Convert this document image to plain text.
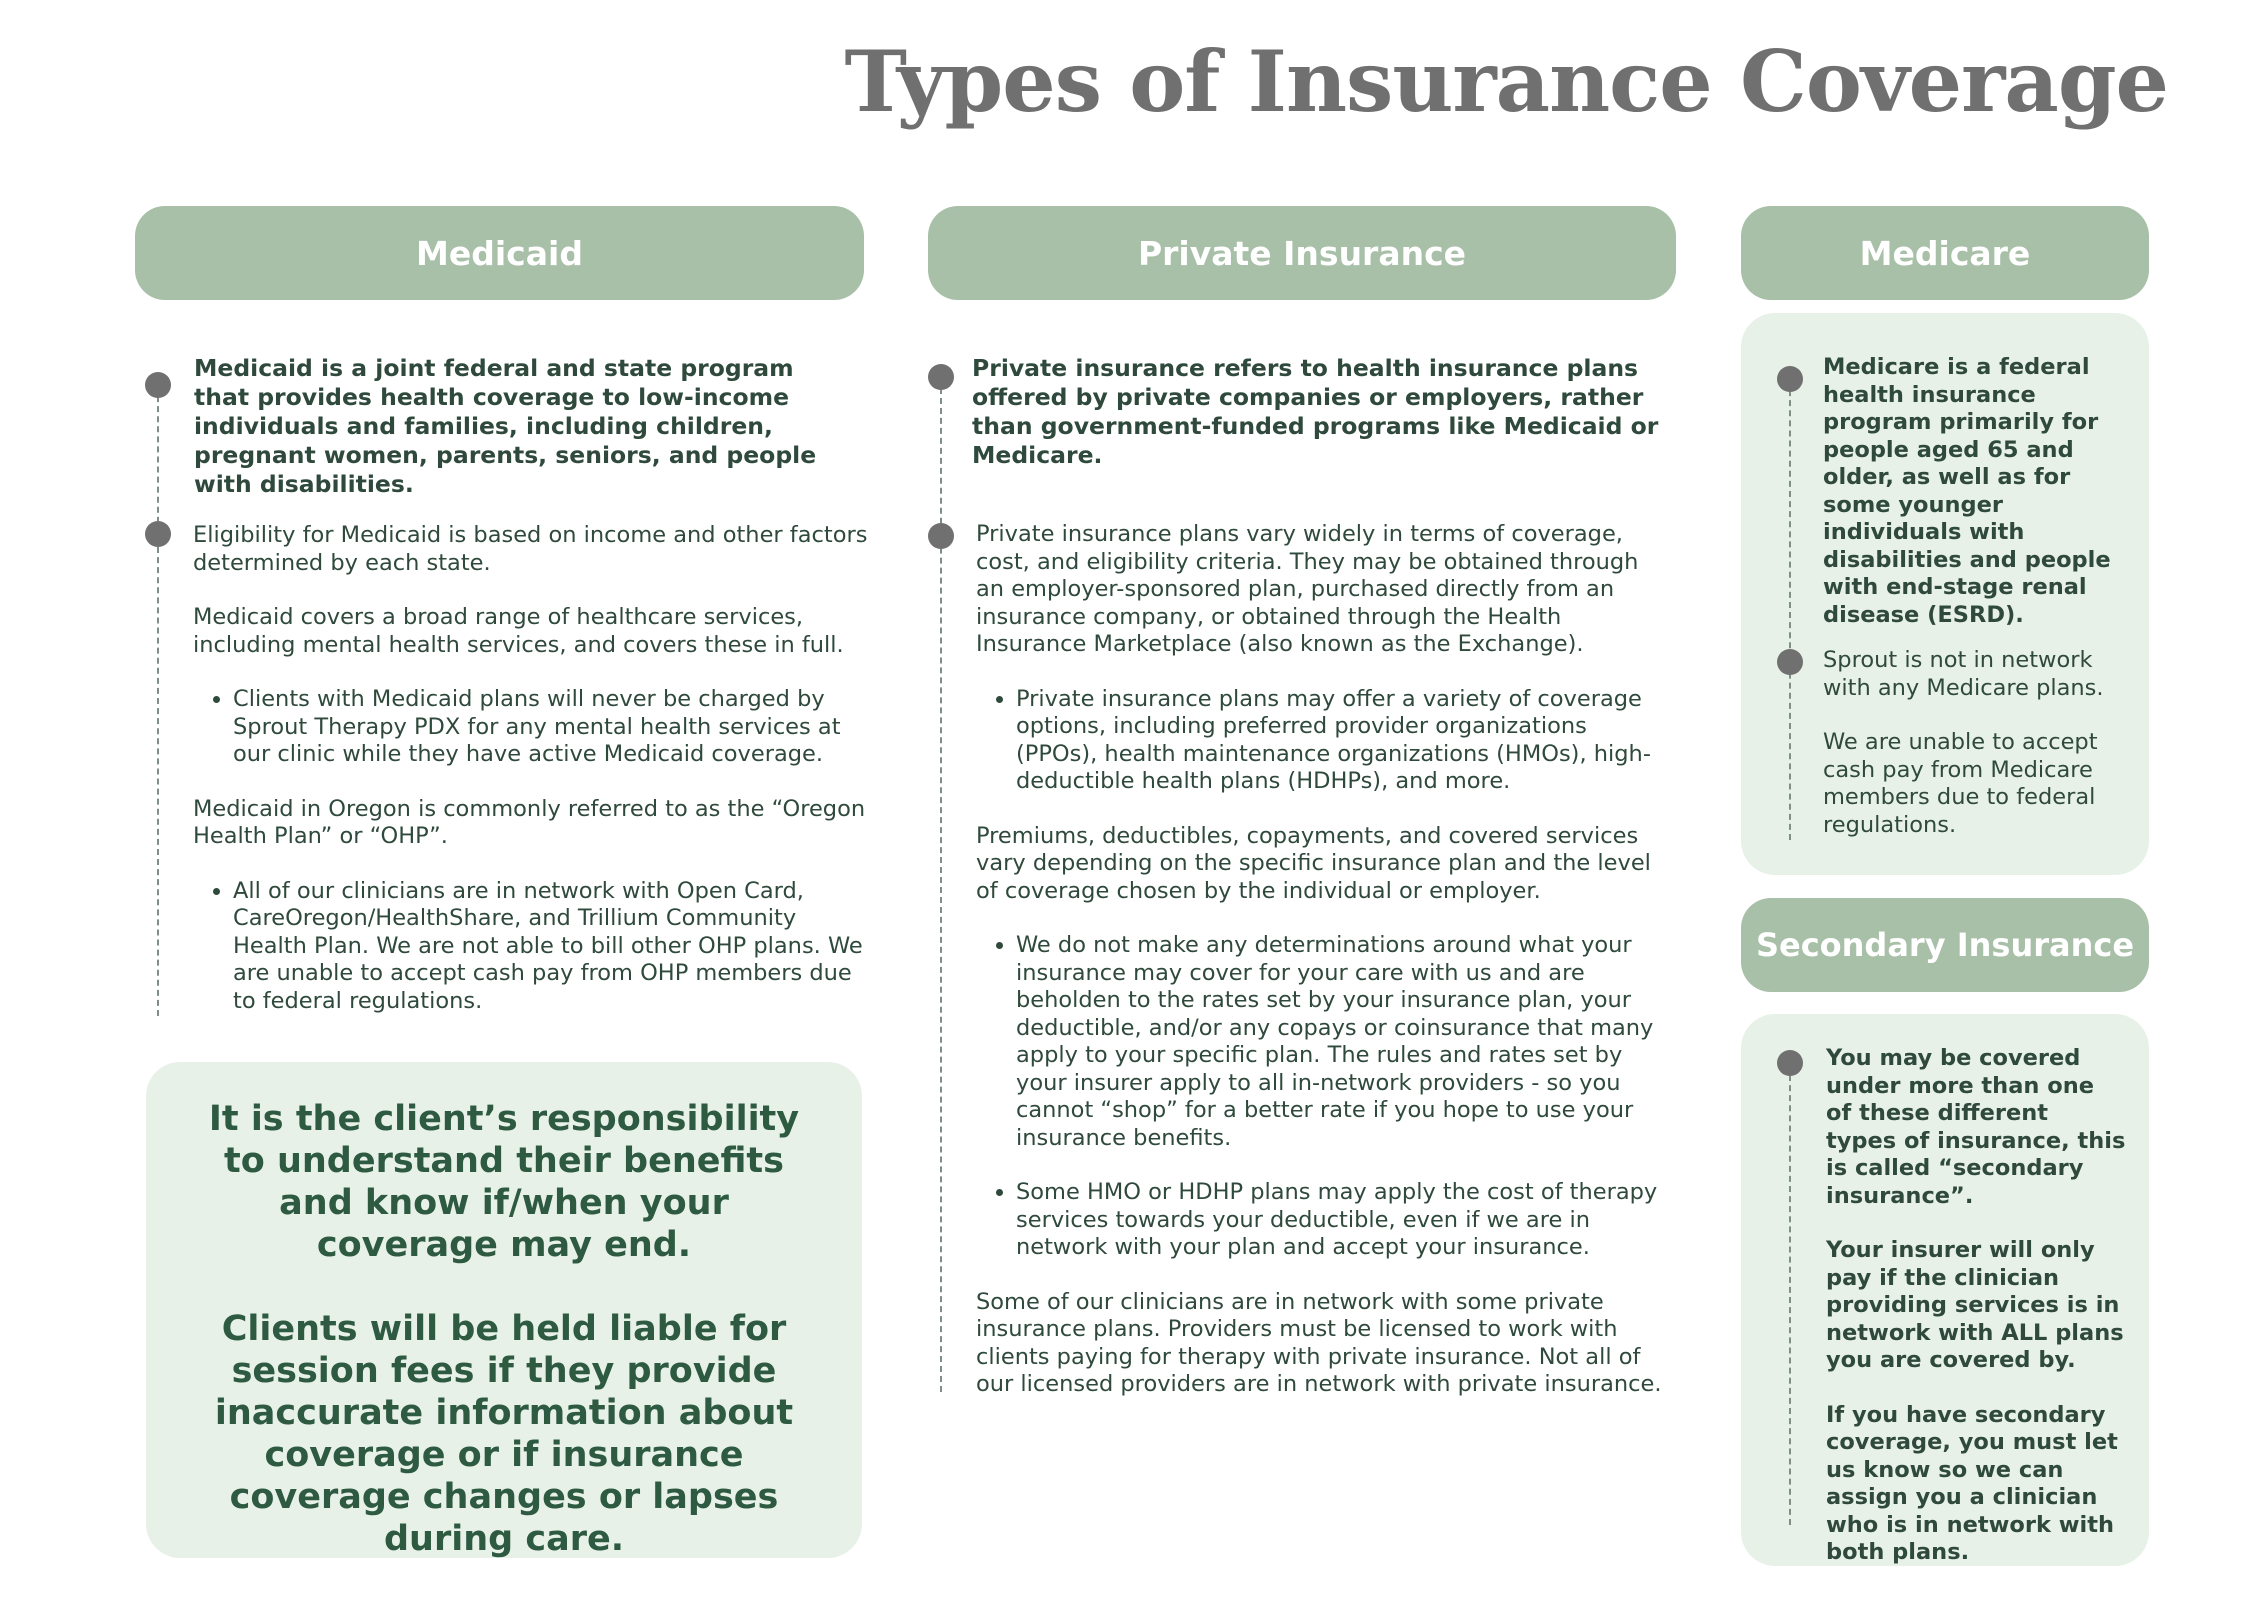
Types of Insurance Coverage
Medicaid
Medicaid is a joint federal and state program that provides health coverage to low-income individuals and families, including children, pregnant women, parents, seniors, and people with disabilities.

Eligibility for Medicaid is based on income and other factors determined by each state.

Medicaid covers a broad range of healthcare services, including mental health services, and covers these in full.

• Clients with Medicaid plans will never be charged by Sprout Therapy PDX for any mental health services at our clinic while they have active Medicaid coverage.

Medicaid in Oregon is commonly referred to as the “Oregon Health Plan” or “OHP”.

• All of our clinicians are in network with Open Card, CareOregon/HealthShare, and Trillium Community Health Plan. We are not able to bill other OHP plans. We are unable to accept cash pay from OHP members due to federal regulations.

It is the client’s responsibility to understand their benefits and know if/when your coverage may end.

Clients will be held liable for session fees if they provide inaccurate information about coverage or if insurance coverage changes or lapses during care.

Private Insurance
Private insurance refers to health insurance plans offered by private companies or employers, rather than government-funded programs like Medicaid or Medicare.

Private insurance plans vary widely in terms of coverage, cost, and eligibility criteria. They may be obtained through an employer-sponsored plan, purchased directly from an insurance company, or obtained through the Health Insurance Marketplace (also known as the Exchange).

• Private insurance plans may offer a variety of coverage options, including preferred provider organizations (PPOs), health maintenance organizations (HMOs), high-deductible health plans (HDHPs), and more.

Premiums, deductibles, copayments, and covered services vary depending on the specific insurance plan and the level of coverage chosen by the individual or employer.

• We do not make any determinations around what your insurance may cover for your care with us and are beholden to the rates set by your insurance plan, your deductible, and/or any copays or coinsurance that many apply to your specific plan. The rules and rates set by your insurer apply to all in-network providers - so you cannot “shop” for a better rate if you hope to use your insurance benefits.
• Some HMO or HDHP plans may apply the cost of therapy services towards your deductible, even if we are in network with your plan and accept your insurance.

Some of our clinicians are in network with some private insurance plans. Providers must be licensed to work with clients paying for therapy with private insurance. Not all of our licensed providers are in network with private insurance.

Medicare
Medicare is a federal health insurance program primarily for people aged 65 and older, as well as for some younger individuals with disabilities and people with end-stage renal disease (ESRD).

Sprout is not in network with any Medicare plans.

We are unable to accept cash pay from Medicare members due to federal regulations.

Secondary Insurance

You may be covered under more than one of these different types of insurance, this is called “secondary insurance”.

Your insurer will only pay if the clinician providing services is in network with ALL plans you are covered by.

If you have secondary coverage, you must let us know so we can assign you a clinician who is in network with both plans.
